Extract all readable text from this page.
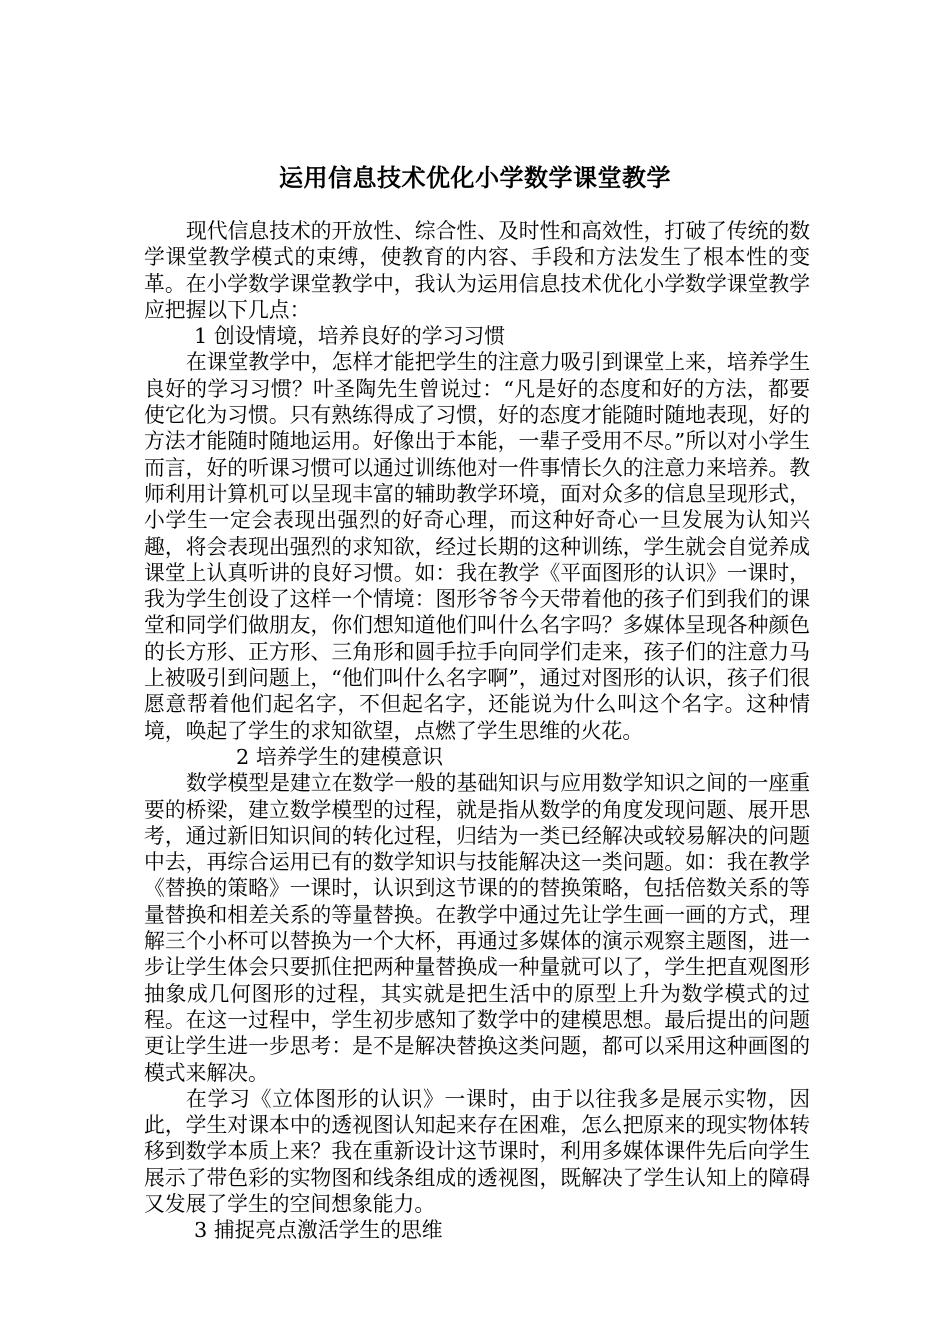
运用信息技术优化小学数学课堂教学

现代信息技术的开放性、综合性、及时性和高效性，打破了传统的数学课堂教学模式的束缚，使教育的内容、手段和方法发生了根本性的变革。在小学数学课堂教学中，我认为运用信息技术优化小学数学课堂教学应把握以下几点：

1 创设情境，培养良好的学习习惯

在课堂教学中，怎样才能把学生的注意力吸引到课堂上来，培养学生良好的学习习惯？叶圣陶先生曾说过：“凡是好的态度和好的方法，都要使它化为习惯。只有熟练得成了习惯，好的态度才能随时随地表现，好的方法才能随时随地运用。好像出于本能，一辈子受用不尽。”所以对小学生而言，好的听课习惯可以通过训练他对一件事情长久的注意力来培养。教师利用计算机可以呈现丰富的辅助教学环境，面对众多的信息呈现形式，小学生一定会表现出强烈的好奇心理，而这种好奇心一旦发展为认知兴趣，将会表现出强烈的求知欲，经过长期的这种训练，学生就会自觉养成课堂上认真听讲的良好习惯。如：我在教学《平面图形的认识》一课时，我为学生创设了这样一个情境：图形爷爷今天带着他的孩子们到我们的课堂和同学们做朋友，你们想知道他们叫什么名字吗？多媒体呈现各种颜色的长方形、正方形、三角形和圆手拉手向同学们走来，孩子们的注意力马上被吸引到问题上，“他们叫什么名字啊”，通过对图形的认识，孩子们很愿意帮着他们起名字，不但起名字，还能说为什么叫这个名字。这种情境，唤起了学生的求知欲望，点燃了学生思维的火花。

2 培养学生的建模意识

数学模型是建立在数学一般的基础知识与应用数学知识之间的一座重要的桥梁，建立数学模型的过程，就是指从数学的角度发现问题、展开思考，通过新旧知识间的转化过程，归结为一类已经解决或较易解决的问题中去，再综合运用已有的数学知识与技能解决这一类问题。如：我在教学《替换的策略》一课时，认识到这节课的的替换策略，包括倍数关系的等量替换和相差关系的等量替换。在教学中通过先让学生画一画的方式，理解三个小杯可以替换为一个大杯，再通过多媒体的演示观察主题图，进一步让学生体会只要抓住把两种量替换成一种量就可以了，学生把直观图形抽象成几何图形的过程，其实就是把生活中的原型上升为数学模式的过程。在这一过程中，学生初步感知了数学中的建模思想。最后提出的问题更让学生进一步思考：是不是解决替换这类问题，都可以采用这种画图的模式来解决。

在学习《立体图形的认识》一课时，由于以往我多是展示实物，因此，学生对课本中的透视图认知起来存在困难，怎么把原来的现实物体转移到数学本质上来？我在重新设计这节课时，利用多媒体课件先后向学生展示了带色彩的实物图和线条组成的透视图，既解决了学生认知上的障碍又发展了学生的空间想象能力。

3 捕捉亮点激活学生的思维
